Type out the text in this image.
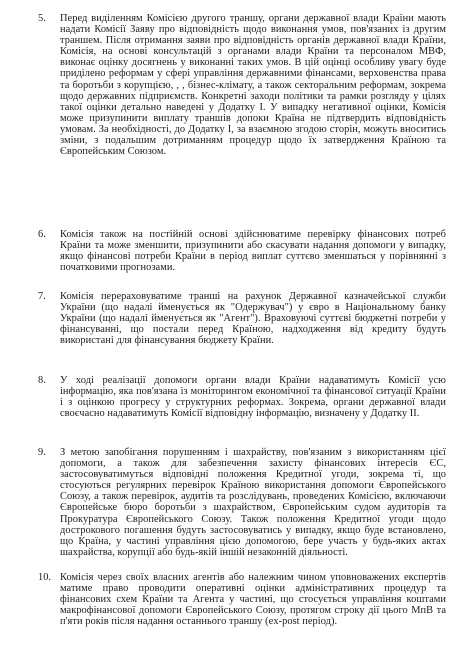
5. Перед виділенням Комісією другого траншу, органи державної влади Країни мають надати Комісії Заяву про відповідність щодо виконання умов, пов'язаних із другим траншем. Після отримання заяви про відповідність органів державної влади Країни, Комісія, на основі консультацій з органами влади Країни та персоналом МВФ, виконає оцінку досягнень у виконанні таких умов. В цій оцінці особливу увагу буде приділено реформам у сфері управління державними фінансами, верховенства права та боротьби з корупцією, , , бізнес-клімату, а також секторальним реформам, зокрема щодо державних підприємств. Конкретні заходи політики та рамки розгляду у цілях такої оцінки детально наведені у Додатку I. У випадку негативної оцінки, Комісія може призупинити виплату траншів допоки Країна не підтвердить відповідність умовам. За необхідності, до Додатку I, за взаємною згодою сторін, можуть вноситись зміни, з подальшим дотриманням процедур щодо їх затвердження Країною та Європейським Союзом.
6. Комісія також на постійній основі здійснюватиме перевірку фінансових потреб Країни та може зменшити, призупинити або скасувати надання допомоги у випадку, якщо фінансові потреби Країни в період виплат суттєво зменшаться у порівнянні з початковими прогнозами.
7. Комісія перераховуватиме транші на рахунок Державної казначейської служби України (що надалі йменується як "Одержувач") у євро в Національному банку України (що надалі йменується як "Агент"). Враховуючі суттєві бюджетні потреби у фінансуванні, що постали перед Країною, надходження від кредиту будуть використані для фінансування бюджету Країни.
8. У ході реалізації допомоги органи влади Країни надаватимуть Комісії усю інформацію, яка пов'язана із моніторингом економічної та фінансової ситуації Країни і з оцінкою прогресу у структурних реформах. Зокрема, органи державної влади своєчасно надаватимуть Комісії відповідну інформацію, визначену у Додатку II.
9. З метою запобігання порушенням і шахрайству, пов'язаним з використанням цієї допомоги, а також для забезпечення захисту фінансових інтересів ЄС, застосовуватимуться відповідні положення Кредитної угоди, зокрема ті, що стосуються регулярних перевірок Країною використання допомоги Європейського Союзу, а також перевірок, аудитів та розслідувань, проведених Комісією, включаючи Європейське бюро боротьби з шахрайством, Європейським судом аудиторів та Прокуратура Європейського Союзу. Також положення Кредитної угоди щодо дострокового погашення будуть застосовуватись у випадку, якщо буде встановлено, що Країна, у частині управління цією допомогою, бере участь у будь-яких актах шахрайства, корупції або будь-якій іншій незаконній діяльності.
10. Комісія через своїх власних агентів або належним чином уповноважених експертів матиме право проводити оперативні оцінки адміністративних процедур та фінансових схем Країни та Агента у частині, що стосується управління коштами макрофінансової допомоги Європейського Союзу, протягом строку дії цього МпВ та п'яти років після надання останнього траншу (ex-post період).
